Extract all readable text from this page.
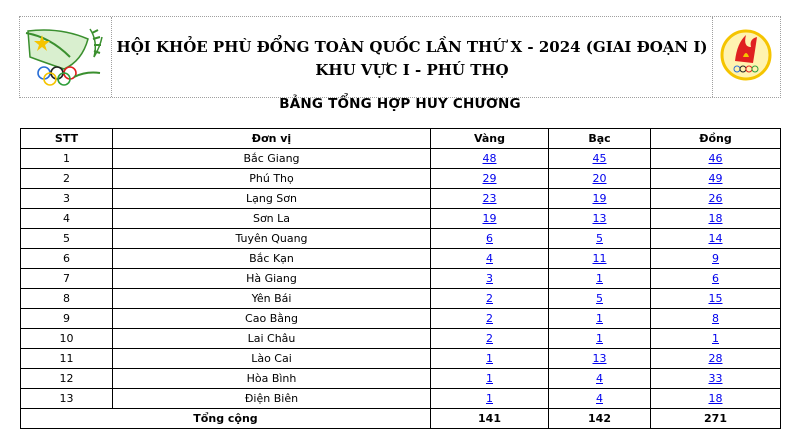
HỘI KHỎE PHÙ ĐỔNG TOÀN QUỐC LẦN THỨ X - 2024 (GIAI ĐOẠN I)
KHU VỰC I - PHÚ THỌ
BẢNG TỔNG HỢP HUY CHƯƠNG
STT	Đơn vị	Vàng	Bạc	Đồng
1	Bắc Giang	48	45	46
2	Phú Thọ	29	20	49
3	Lạng Sơn	23	19	26
4	Sơn La	19	13	18
5	Tuyên Quang	6	5	14
6	Bắc Kạn	4	11	9
7	Hà Giang	3	1	6
8	Yên Bái	2	5	15
9	Cao Bằng	2	1	8
10	Lai Châu	2	1	1
11	Lào Cai	1	13	28
12	Hòa Bình	1	4	33
13	Điện Biên	1	4	18
Tổng cộng		141	142	271
